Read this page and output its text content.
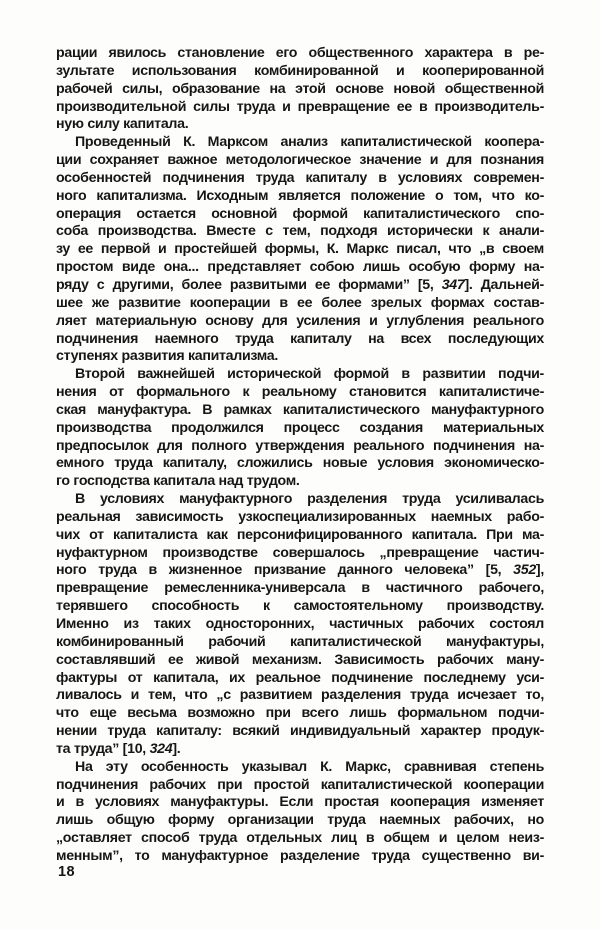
рации явилось становление его общественного характера в ре-
зультате использования комбинированной и кооперированной
рабочей силы, образование на этой основе новой общественной
производительной силы труда и превращение ее в производитель-
ную силу капитала.
Проведенный К. Марксом анализ капиталистической коопера-
ции сохраняет важное методологическое значение и для познания
особенностей подчинения труда капиталу в условиях современ-
ного капитализма. Исходным является положение о том, что ко-
операция остается основной формой капиталистического спо-
соба производства. Вместе с тем, подходя исторически к анали-
зу ее первой и простейшей формы, К. Маркс писал, что „в своем
простом виде она... представляет собою лишь особую форму на-
ряду с другими, более развитыми ее формами” [5, 347]. Дальней-
шее же развитие кооперации в ее более зрелых формах состав-
ляет материальную основу для усиления и углубления реального
подчинения наемного труда капиталу на всех последующих
ступенях развития капитализма.
Второй важнейшей исторической формой в развитии подчи-
нения от формального к реальному становится капиталистиче-
ская мануфактура. В рамках капиталистического мануфактурного
производства продолжился процесс создания материальных
предпосылок для полного утверждения реального подчинения на-
емного труда капиталу, сложились новые условия экономическо-
го господства капитала над трудом.
В условиях мануфактурного разделения труда усиливалась
реальная зависимость узкоспециализированных наемных рабо-
чих от капиталиста как персонифицированного капитала. При ма-
нуфактурном производстве совершалось „превращение частич-
ного труда в жизненное призвание данного человека” [5, 352],
превращение ремесленника-универсала в частичного рабочего,
терявшего способность к самостоятельному производству.
Именно из таких односторонних, частичных рабочих состоял
комбинированный рабочий капиталистической мануфактуры,
составлявший ее живой механизм. Зависимость рабочих ману-
фактуры от капитала, их реальное подчинение последнему уси-
ливалось и тем, что „с развитием разделения труда исчезает то,
что еще весьма возможно при всего лишь формальном подчи-
нении труда капиталу: всякий индивидуальный характер продук-
та труда” [10, 324].
На эту особенность указывал К. Маркс, сравнивая степень
подчинения рабочих при простой капиталистической кооперации
и в условиях мануфактуры. Если простая кооперация изменяет
лишь общую форму организации труда наемных рабочих, но
„оставляет способ труда отдельных лиц в общем и целом неиз-
менным”, то мануфактурное разделение труда существенно ви-
18
